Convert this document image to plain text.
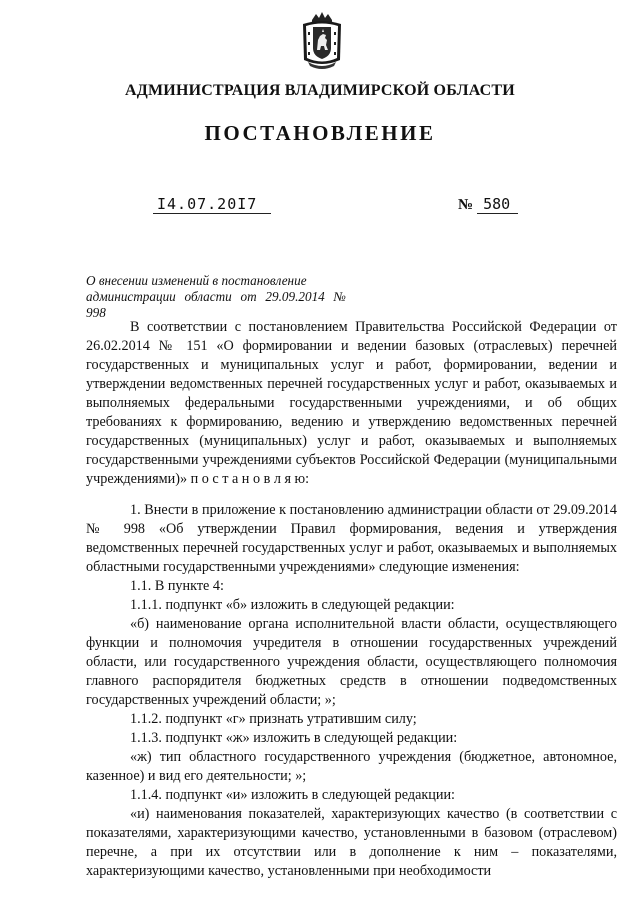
АДМИНИСТРАЦИЯ ВЛАДИМИРСКОЙ ОБЛАСТИ
ПОСТАНОВЛЕНИЕ
I4.07.20I7	№ 580

О внесении изменений в постановление

администрации области от 29.09.2014 № 998

В соответствии с постановлением Правительства Российской Федерации от 26.02.2014 № 151 «О формировании и ведении базовых (отраслевых) перечней государственных и муниципальных услуг и работ, формировании, ведении и утверждении ведомственных перечней государственных услуг и работ, оказываемых и выполняемых федеральными государственными учреждениями, и об общих требованиях к формированию, ведению и утверждению ведомственных перечней государственных (муниципальных) услуг и работ, оказываемых и выполняемых государственными учреждениями субъектов Российской Федерации (муниципальными учреждениями)» п о с т а н о в л я ю:

1. Внести в приложение к постановлению администрации области от 29.09.2014 № 998 «Об утверждении Правил формирования, ведения и утверждения ведомственных перечней государственных услуг и работ, оказываемых и выполняемых областными государственными учреждениями» следующие изменения:

1.1. В пункте 4:

1.1.1. подпункт «б» изложить в следующей редакции:

«б) наименование органа исполнительной власти области, осуществляющего функции и полномочия учредителя в отношении государственных учреждений области, или государственного учреждения области, осуществляющего полномочия главного распорядителя бюджетных средств в отношении подведомственных государственных учреждений области; »;

1.1.2. подпункт «г» признать утратившим силу;

1.1.3. подпункт «ж» изложить в следующей редакции:

«ж) тип областного государственного учреждения (бюджетное, автономное, казенное) и вид его деятельности; »;

1.1.4. подпункт «и» изложить в следующей редакции:

«и) наименования показателей, характеризующих качество (в соответствии с показателями, характеризующими качество, установленными в базовом (отраслевом) перечне, а при их отсутствии или в дополнение к ним – показателями, характеризующими качество, установленными при необходимости
